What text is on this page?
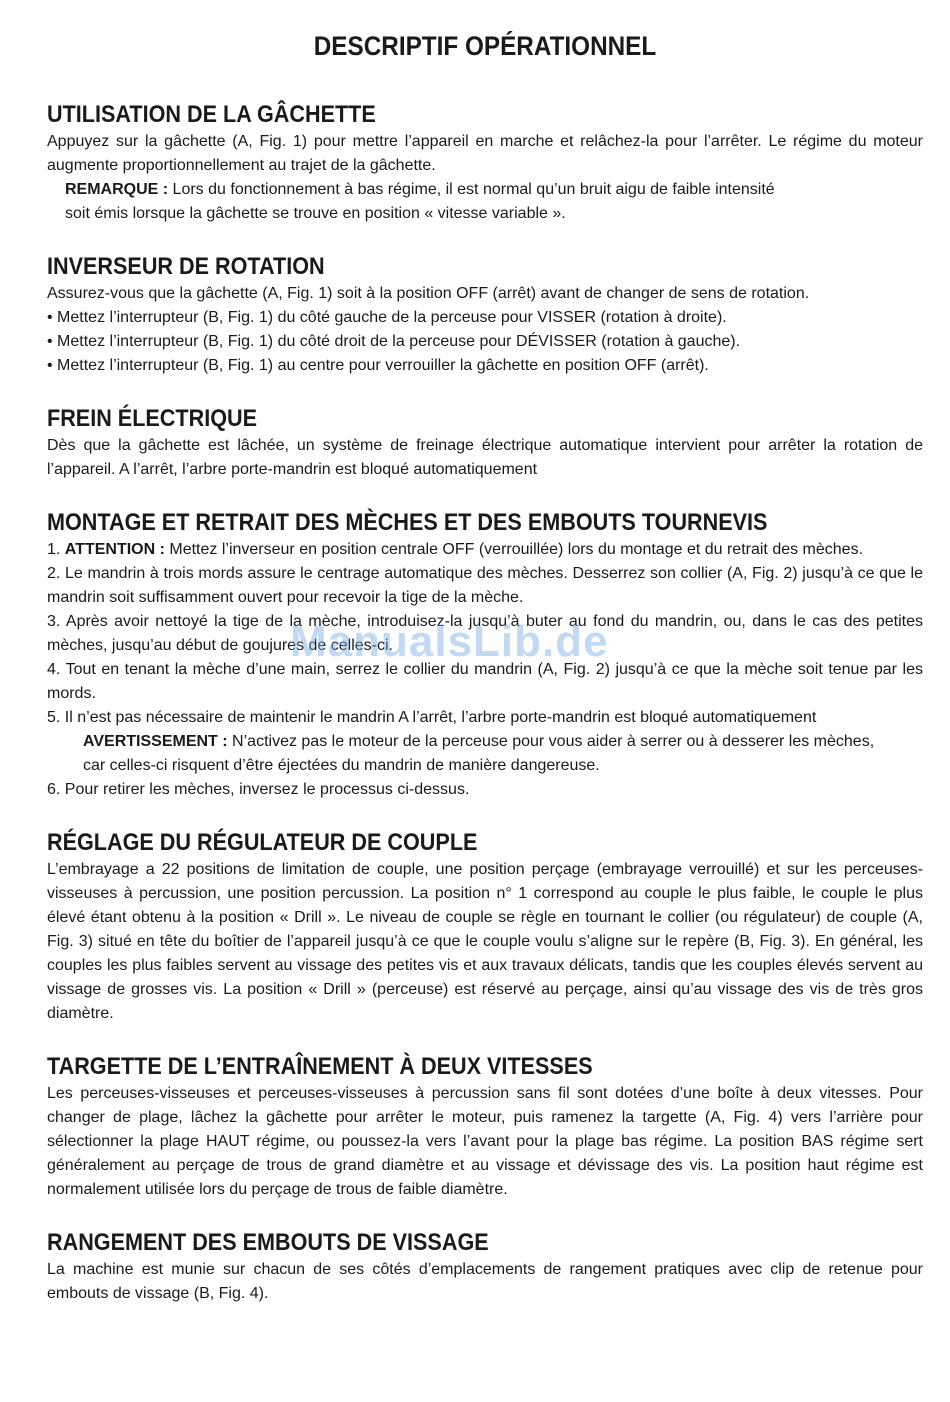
DESCRIPTIF OPÉRATIONNEL
UTILISATION DE LA GÂCHETTE

Appuyez sur la gâchette (A, Fig. 1) pour mettre l’appareil en marche et relâchez-la pour l’arrêter. Le régime du moteur augmente proportionnellement au trajet de la gâchette.

REMARQUE : Lors du fonctionnement à bas régime, il est normal qu’un bruit aigu de faible intensité

soit émis lorsque la gâchette se trouve en position « vitesse variable ».

INVERSEUR DE ROTATION

Assurez-vous que la gâchette (A, Fig. 1) soit à la position OFF (arrêt) avant de changer de sens de rotation.

• Mettez l’interrupteur (B, Fig. 1) du côté gauche de la perceuse pour VISSER (rotation à droite).

• Mettez l’interrupteur (B, Fig. 1) du côté droit de la perceuse pour DÉVISSER (rotation à gauche).

• Mettez l’interrupteur (B, Fig. 1) au centre pour verrouiller la gâchette en position OFF (arrêt).

FREIN ÉLECTRIQUE

Dès que la gâchette est lâchée, un système de freinage électrique automatique intervient pour arrêter la rotation de l’appareil. A l’arrêt, l’arbre porte-mandrin est bloqué automatiquement

MONTAGE ET RETRAIT DES MÈCHES ET DES EMBOUTS TOURNEVIS

1. ATTENTION : Mettez l’inverseur en position centrale OFF (verrouillée) lors du montage et du retrait des mèches.

2. Le mandrin à trois mords assure le centrage automatique des mèches. Desserrez son collier (A, Fig. 2) jusqu’à ce que le mandrin soit suffisamment ouvert pour recevoir la tige de la mèche.

3. Après avoir nettoyé la tige de la mèche, introduisez-la jusqu’à buter au fond du mandrin, ou, dans le cas des petites mèches, jusqu’au début de goujures de celles-ci.

4. Tout en tenant la mèche d’une main, serrez le collier du mandrin (A, Fig. 2) jusqu’à ce que la mèche soit tenue par les mords.

5. Il n’est pas nécessaire de maintenir le mandrin A l’arrêt, l’arbre porte-mandrin est bloqué automatiquement

AVERTISSEMENT : N’activez pas le moteur de la perceuse pour vous aider à serrer ou à desserer les mèches,

car celles-ci risquent d’être éjectées du mandrin de manière dangereuse.

6. Pour retirer les mèches, inversez le processus ci-dessus.

RÉGLAGE DU RÉGULATEUR DE COUPLE

L’embrayage a 22 positions de limitation de couple, une position perçage (embrayage verrouillé) et sur les perceuses-visseuses à percussion, une position percussion. La position n° 1 correspond au couple le plus faible, le couple le plus élevé étant obtenu à la position « Drill ». Le niveau de couple se règle en tournant le collier (ou régulateur) de couple (A, Fig. 3) situé en tête du boîtier de l’appareil jusqu’à ce que le couple voulu s’aligne sur le repère (B, Fig. 3). En général, les couples les plus faibles servent au vissage des petites vis et aux travaux délicats, tandis que les couples élevés servent au vissage de grosses vis. La position « Drill » (perceuse) est réservé au perçage, ainsi qu’au vissage des vis de très gros diamètre.

TARGETTE DE L’ENTRAÎNEMENT À DEUX VITESSES

Les perceuses-visseuses et perceuses-visseuses à percussion sans fil sont dotées d’une boîte à deux vitesses. Pour changer de plage, lâchez la gâchette pour arrêter le moteur, puis ramenez la targette (A, Fig. 4) vers l’arrière pour sélectionner la plage HAUT régime, ou poussez-la vers l’avant pour la plage bas régime. La position BAS régime sert généralement au perçage de trous de grand diamètre et au vissage et dévissage des vis. La position haut régime est normalement utilisée lors du perçage de trous de faible diamètre.

RANGEMENT DES EMBOUTS DE VISSAGE

La machine est munie sur chacun de ses côtés d’emplacements de rangement pratiques avec clip de retenue pour embouts de vissage (B, Fig. 4).

ManualsLib.de
